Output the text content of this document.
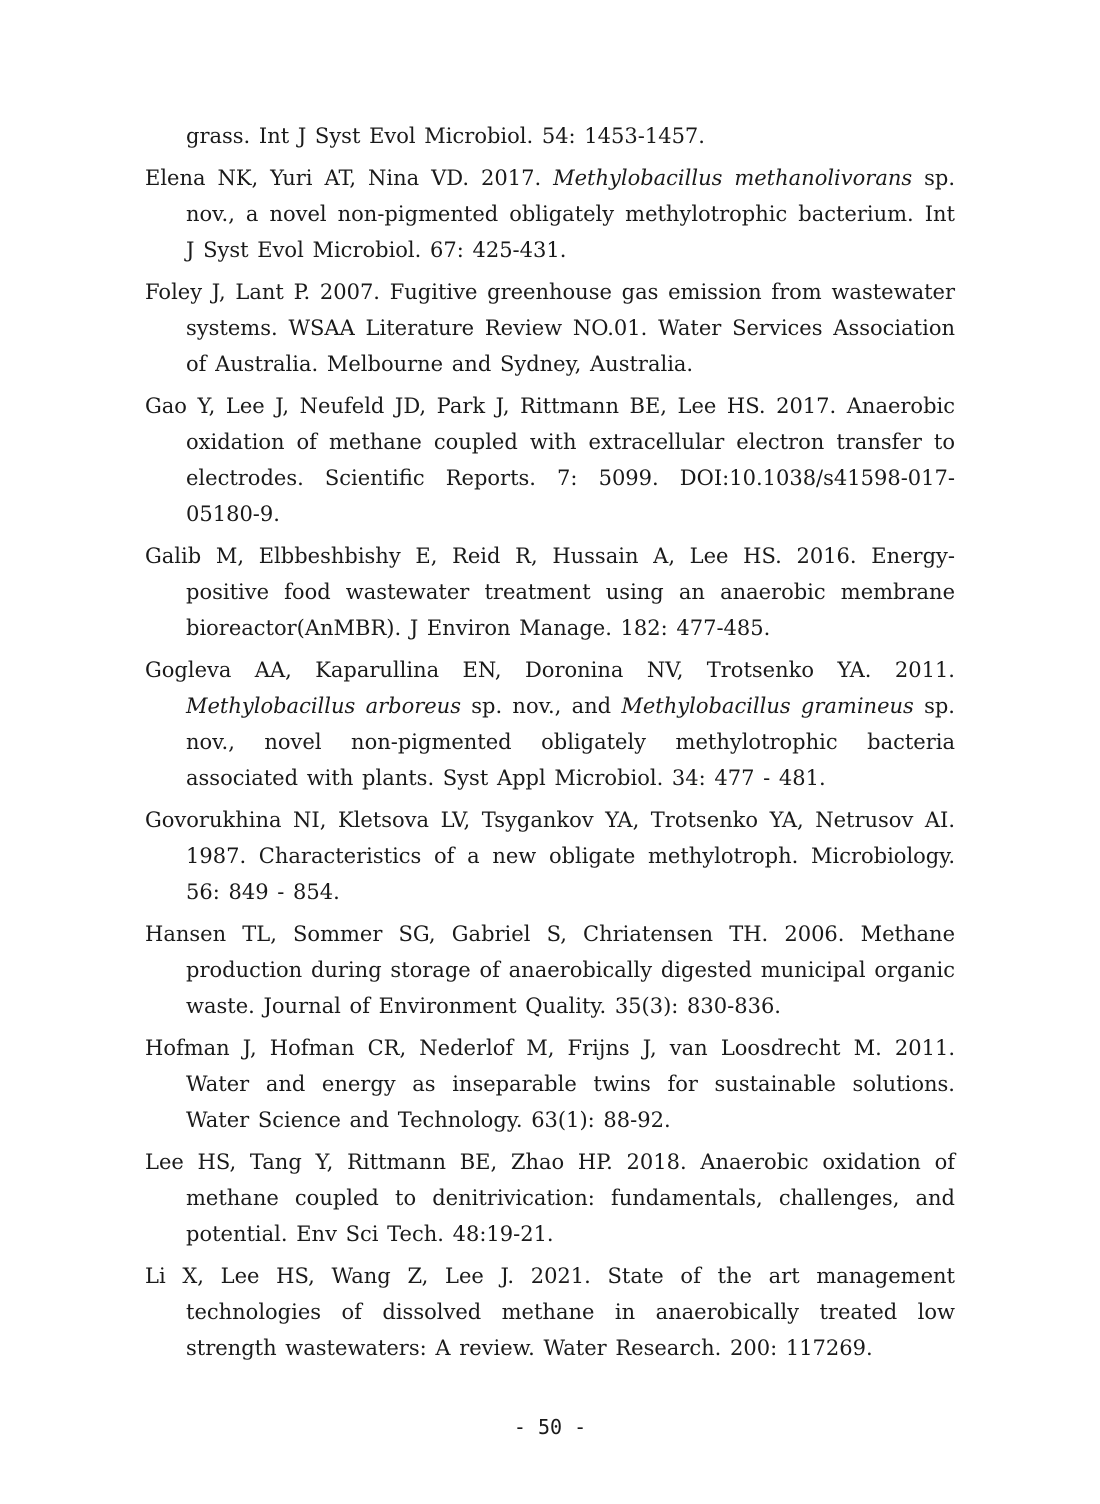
grass. Int J Syst Evol Microbiol. 54: 1453-1457.

Elena NK, Yuri AT, Nina VD. 2017. Methylobacillus methanolivorans sp. nov., a novel non-pigmented obligately methylotrophic bacterium. Int J Syst Evol Microbiol. 67: 425-431.

Foley J, Lant P. 2007. Fugitive greenhouse gas emission from wastewater systems. WSAA Literature Review NO.01. Water Services Association of Australia. Melbourne and Sydney, Australia.

Gao Y, Lee J, Neufeld JD, Park J, Rittmann BE, Lee HS. 2017. Anaerobic oxidation of methane coupled with extracellular electron transfer to electrodes. Scientific Reports. 7: 5099. DOI:10.1038/s41598-017-05180-9.

Galib M, Elbbeshbishy E, Reid R, Hussain A, Lee HS. 2016. Energy-positive food wastewater treatment using an anaerobic membrane bioreactor(AnMBR). J Environ Manage. 182: 477-485.

Gogleva AA, Kaparullina EN, Doronina NV, Trotsenko YA. 2011. Methylobacillus arboreus sp. nov., and Methylobacillus gramineus sp. nov., novel non-pigmented obligately methylotrophic bacteria associated with plants. Syst Appl Microbiol. 34: 477 - 481.

Govorukhina NI, Kletsova LV, Tsygankov YA, Trotsenko YA, Netrusov AI. 1987. Characteristics of a new obligate methylotroph. Microbiology. 56: 849 - 854.

Hansen TL, Sommer SG, Gabriel S, Chriatensen TH. 2006. Methane production during storage of anaerobically digested municipal organic waste. Journal of Environment Quality. 35(3): 830-836.

Hofman J, Hofman CR, Nederlof M, Frijns J, van Loosdrecht M. 2011. Water and energy as inseparable twins for sustainable solutions. Water Science and Technology. 63(1): 88-92.

Lee HS, Tang Y, Rittmann BE, Zhao HP. 2018. Anaerobic oxidation of methane coupled to denitrivication: fundamentals, challenges, and potential. Env Sci Tech. 48:19-21.

Li X, Lee HS, Wang Z, Lee J. 2021. State of the art management technologies of dissolved methane in anaerobically treated low strength wastewaters: A review. Water Research. 200: 117269.

- 50 -
